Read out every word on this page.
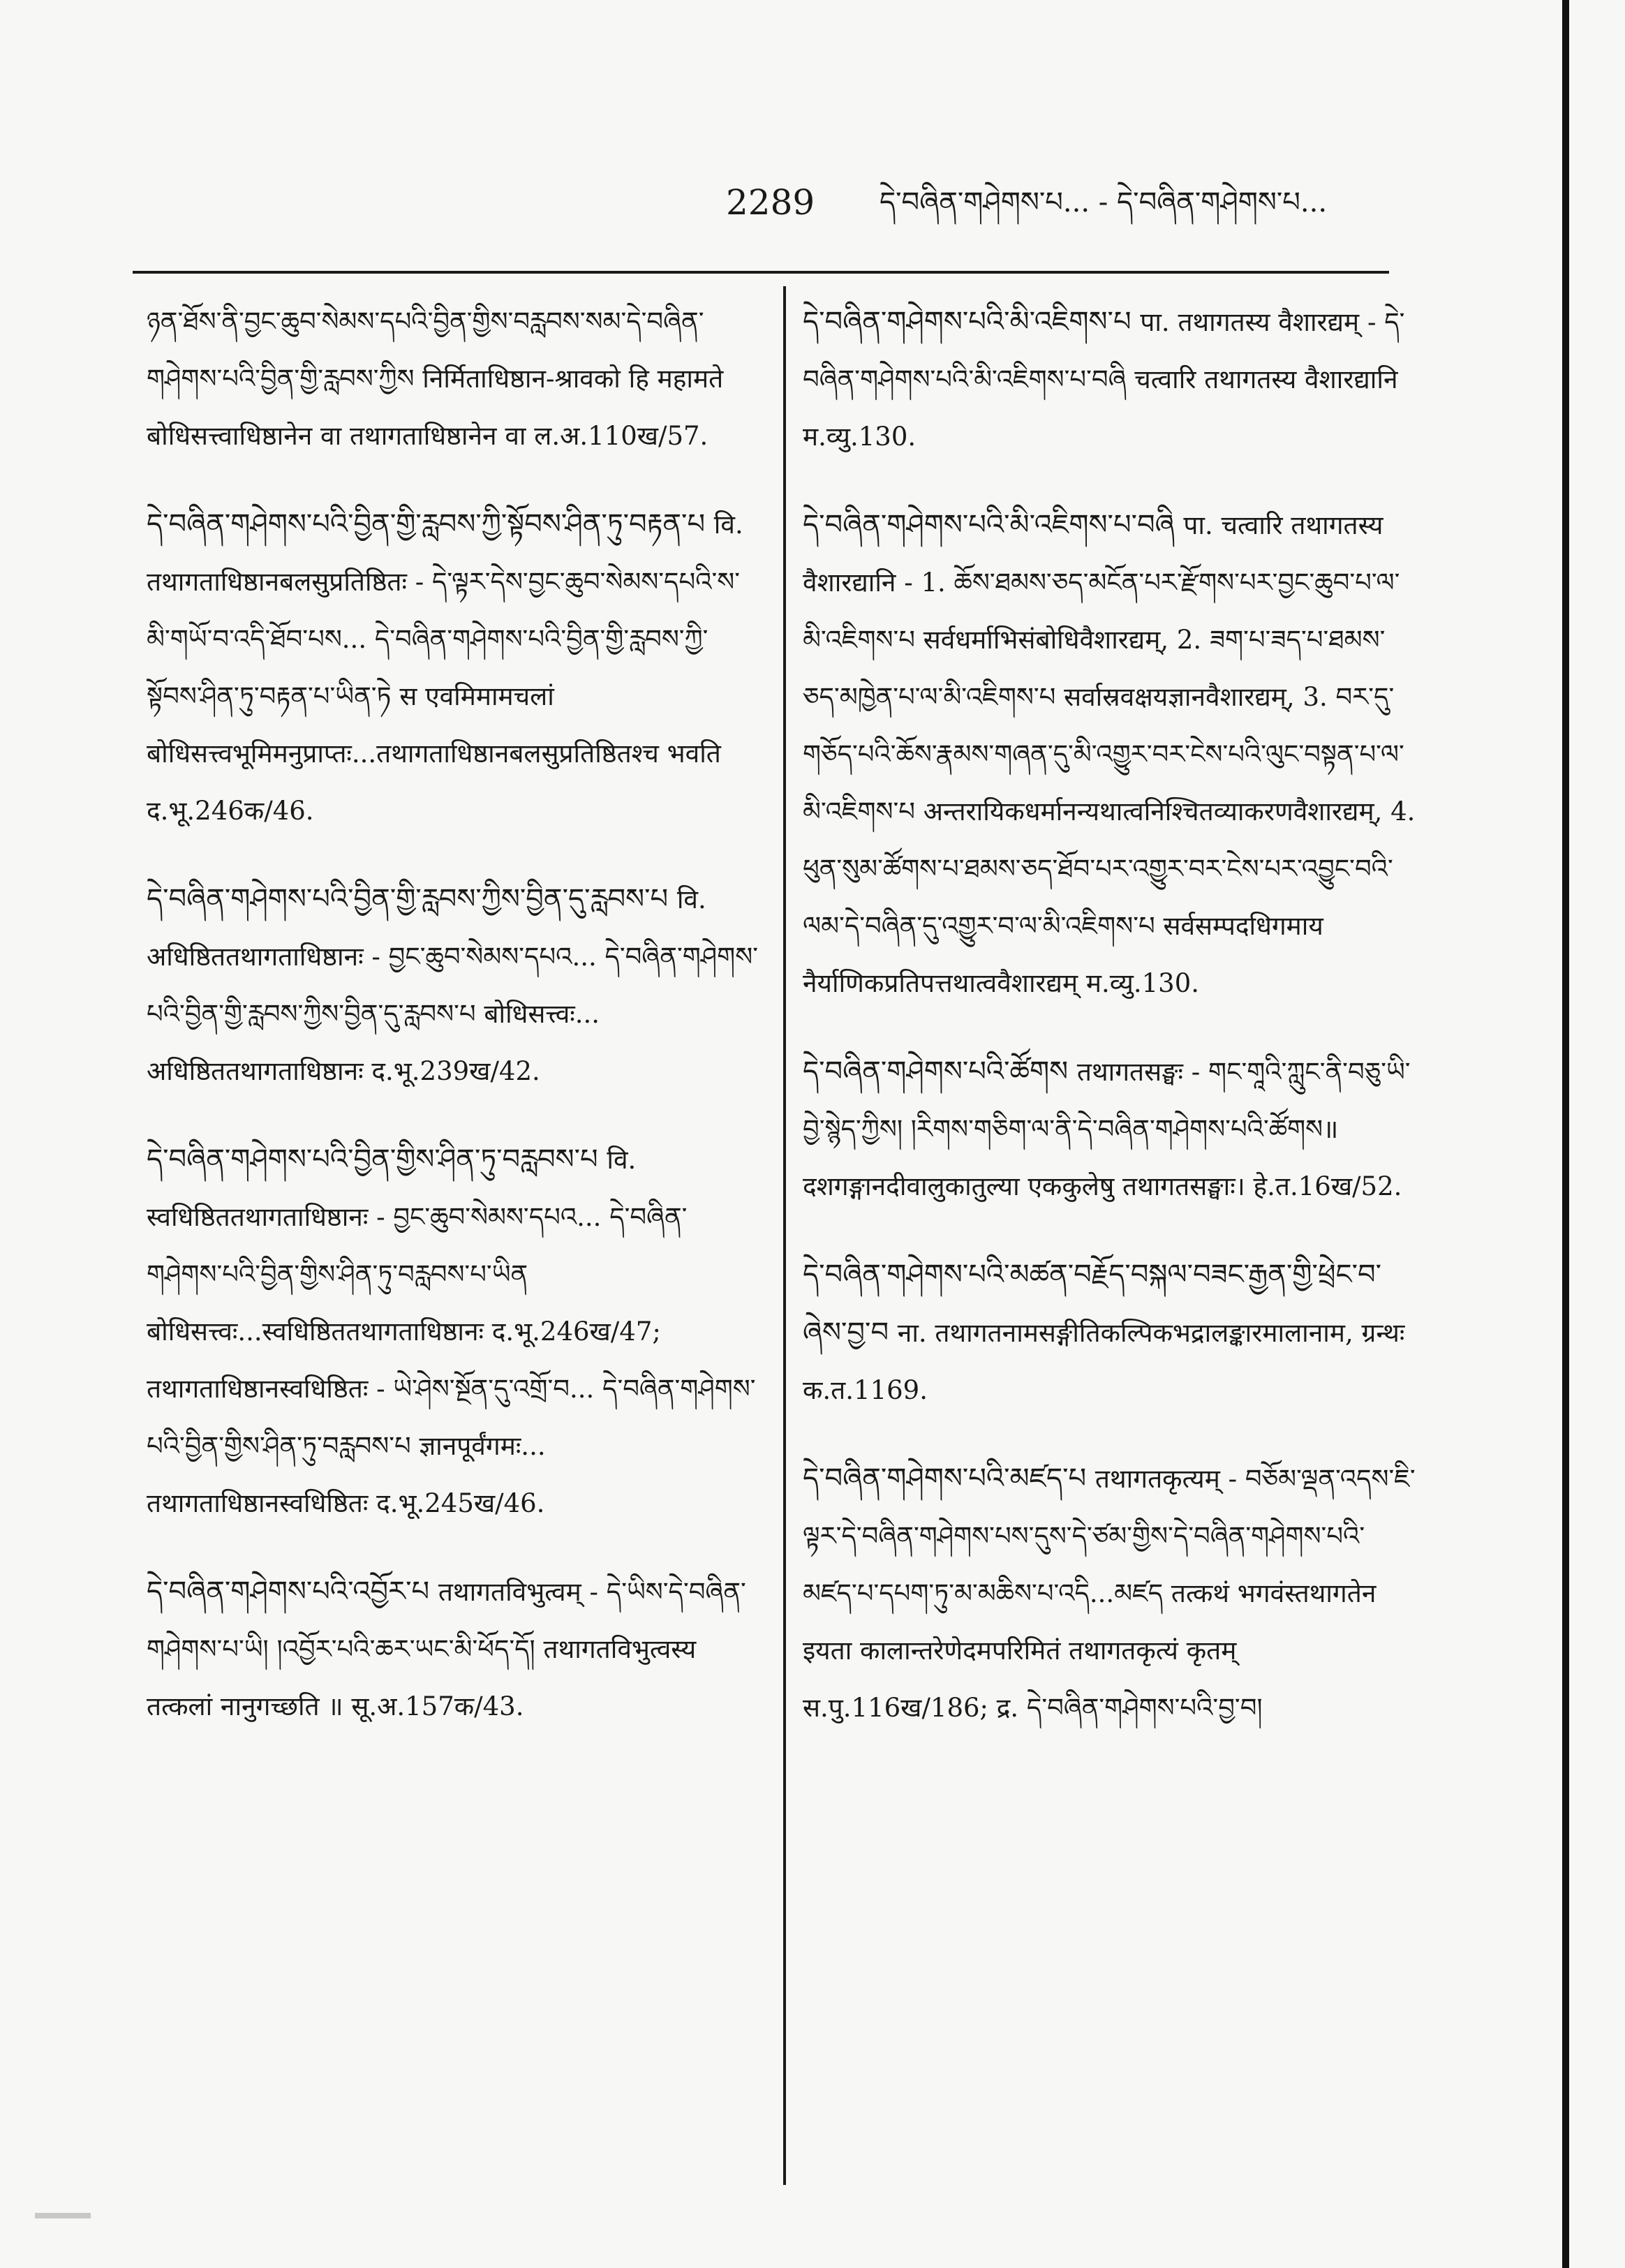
2289 དེ་བཞིན་གཤེགས་པ... - དེ་བཞིན་གཤེགས་པ...
ཉན་ཐོས་ནི་བྱང་ཆུབ་སེམས་དཔའི་བྱིན་གྱིས་བརླབས་སམ་དེ་བཞིན་གཤེགས་པའི་བྱིན་གྱི་རླབས་ཀྱིས निर्मिताधिष्ठान-श्रावको हि महामते बोधिसत्त्वाधिष्ठानेन वा तथागताधिष्ठानेन वा ल.अ.110ख/57.
དེ་བཞིན་གཤེགས་པའི་བྱིན་གྱི་རླབས་ཀྱི་སྟོབས་ཤིན་ཏུ་བརྟན་པ वि. तथागताधिष्ठानबलसुप्रतिष्ठितः - དེ་ལྟར་དེས་བྱང་ཆུབ་སེམས་དཔའི་ས་མི་གཡོ་བ་འདི་ཐོབ་པས... དེ་བཞིན་གཤེགས་པའི་བྱིན་གྱི་རླབས་ཀྱི་སྟོབས་ཤིན་ཏུ་བརྟན་པ་ཡིན་ཏེ स एवमिमामचलां बोधिसत्त्वभूमिमनुप्राप्तः...तथागताधिष्ठानबलसुप्रतिष्ठितश्च भवति द.भू.246क/46.
དེ་བཞིན་གཤེགས་པའི་བྱིན་གྱི་རླབས་ཀྱིས་བྱིན་དུ་རླབས་པ वि. अधिष्ठिततथागताधिष्ठानः - བྱང་ཆུབ་སེམས་དཔའ... དེ་བཞིན་གཤེགས་པའི་བྱིན་གྱི་རླབས་ཀྱིས་བྱིན་དུ་རླབས་པ बोधिसत्त्वः... अधिष्ठिततथागताधिष्ठानः द.भू.239ख/42.
དེ་བཞིན་གཤེགས་པའི་བྱིན་གྱིས་ཤིན་ཏུ་བརླབས་པ वि. स्वधिष्ठिततथागताधिष्ठानः - བྱང་ཆུབ་སེམས་དཔའ... དེ་བཞིན་གཤེགས་པའི་བྱིན་གྱིས་ཤིན་ཏུ་བརླབས་པ་ཡིན बोधिसत्त्वः...स्वधिष्ठिततथागताधिष्ठानः द.भू.246ख/47; तथागताधिष्ठानस्वधिष्ठितः - ཡེ་ཤེས་སྔོན་དུ་འགྲོ་བ... དེ་བཞིན་གཤེགས་པའི་བྱིན་གྱིས་ཤིན་ཏུ་བརླབས་པ ज्ञानपूर्वंगमः... तथागताधिष्ठानस्वधिष्ठितः द.भू.245ख/46.
དེ་བཞིན་གཤེགས་པའི་འབྱོར་པ तथागतविभुत्वम् - དེ་ཡིས་དེ་བཞིན་གཤེགས་པ་ཡི། །འབྱོར་པའི་ཆར་ཡང་མི་ཕོད་དོ། तथागतविभुत्वस्य तत्कलां नानुगच्छति ॥ सू.अ.157क/43.
དེ་བཞིན་གཤེགས་པའི་མི་འཇིགས་པ पा. तथागतस्य वैशारद्यम् - དེ་བཞིན་གཤེགས་པའི་མི་འཇིགས་པ་བཞི चत्वारि तथागतस्य वैशारद्यानि म.व्यु.130.
དེ་བཞིན་གཤེགས་པའི་མི་འཇིགས་པ་བཞི पा. चत्वारि तथागतस्य वैशारद्यानि - 1. ཆོས་ཐམས་ཅད་མངོན་པར་རྫོགས་པར་བྱང་ཆུབ་པ་ལ་མི་འཇིགས་པ सर्वधर्माभिसंबोधिवैशारद्यम्, 2. ཟག་པ་ཟད་པ་ཐམས་ཅད་མཁྱེན་པ་ལ་མི་འཇིགས་པ सर्वास्रवक्षयज्ञानवैशारद्यम्, 3. བར་དུ་གཅོད་པའི་ཆོས་རྣམས་གཞན་དུ་མི་འགྱུར་བར་ངེས་པའི་ལུང་བསྟན་པ་ལ་མི་འཇིགས་པ अन्तरायिकधर्मानन्यथात्वनिश्चितव्याकरणवैशारद्यम्, 4. ཕུན་སུམ་ཚོགས་པ་ཐམས་ཅད་ཐོབ་པར་འགྱུར་བར་ངེས་པར་འབྱུང་བའི་ལམ་དེ་བཞིན་དུ་འགྱུར་བ་ལ་མི་འཇིགས་པ सर्वसम्पदधिगमाय नैर्याणिकप्रतिपत्तथात्ववैशारद्यम् म.व्यु.130.
དེ་བཞིན་གཤེགས་པའི་ཚོགས तथागतसङ्घः - གང་གཱའི་ཀླུང་ནི་བཅུ་ཡི་བྱེ་སྙེད་ཀྱིས། །རིགས་གཅིག་ལ་ནི་དེ་བཞིན་གཤེགས་པའི་ཚོགས॥ दशगङ्गानदीवालुकातुल्या एककुलेषु तथागतसङ्घाः। हे.त.16ख/52.
དེ་བཞིན་གཤེགས་པའི་མཚན་བརྗོད་བསྐལ་བཟང་རྒྱན་གྱི་ཕྲེང་བ་ཞེས་བྱ་བ ना. तथागतनामसङ्गीतिकल्पिकभद्रालङ्कारमालानाम, ग्रन्थः क.त.1169.
དེ་བཞིན་གཤེགས་པའི་མཛད་པ तथागतकृत्यम् - བཅོམ་ལྡན་འདས་ཇི་ལྟར་དེ་བཞིན་གཤེགས་པས་དུས་དེ་ཙམ་གྱིས་དེ་བཞིན་གཤེགས་པའི་མཛད་པ་དཔག་ཏུ་མ་མཆིས་པ་འདི...མཛད तत्कथं भगवंस्तथागतेन इयता कालान्तरेणेदमपरिमितं तथागतकृत्यं कृतम् स.पु.116ख/186; द्र. དེ་བཞིན་གཤེགས་པའི་བྱ་བ།
